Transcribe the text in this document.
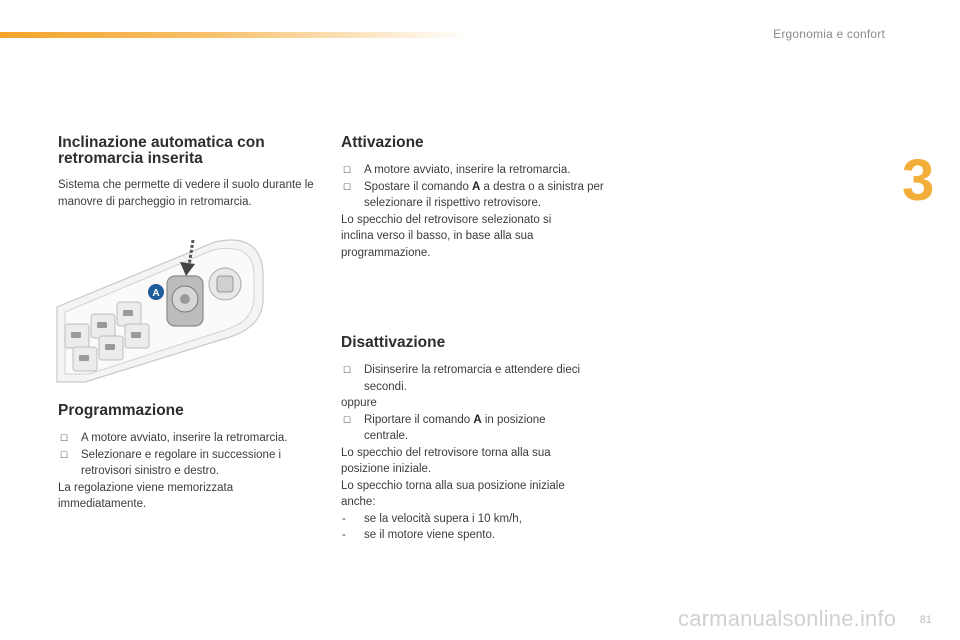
Ergonomia e confort
3
Inclinazione automatica con retromarcia inserita

Sistema che permette di vedere il suolo durante le manovre di parcheggio in retromarcia.

A
Programmazione
☐ A motore avviato, inserire la retromarcia.
☐ Selezionare e regolare in successione i retrovisori sinistro e destro.

La regolazione viene memorizzata immediatamente.

Attivazione
☐ A motore avviato, inserire la retromarcia.
☐ Spostare il comando A a destra o a sinistra per selezionare il rispettivo retrovisore.

Lo specchio del retrovisore selezionato si inclina verso il basso, in base alla sua programmazione.

Disattivazione
☐ Disinserire la retromarcia e attendere dieci secondi.

oppure

☐ Riportare il comando A in posizione centrale.

Lo specchio del retrovisore torna alla sua posizione iniziale.

Lo specchio torna alla sua posizione iniziale anche:

- se la velocità supera i 10 km/h,
- se il motore viene spento.
81
carmanualsonline.info
